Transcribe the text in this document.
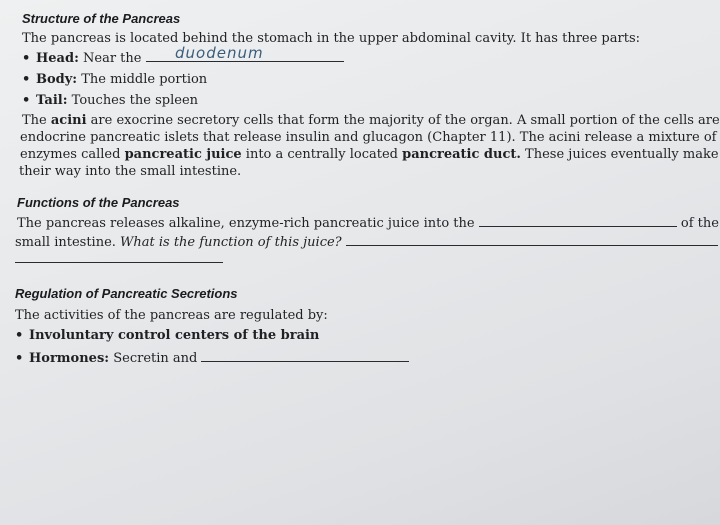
Structure of the Pancreas
The pancreas is located behind the stomach in the upper abdominal cavity. It has three parts:
• Head: Near the	duodenum
• Body: The middle portion
• Tail: Touches the spleen
The acini are exocrine secretory cells that form the majority of the organ. A small portion of the cells are
endocrine pancreatic islets that release insulin and glucagon (Chapter 11). The acini release a mixture of
enzymes called pancreatic juice into a centrally located pancreatic duct. These juices eventually make
their way into the small intestine.
Functions of the Pancreas
The pancreas releases alkaline, enzyme-rich pancreatic juice into the	of the
small intestine. What is the function of this juice?
Regulation of Pancreatic Secretions
The activities of the pancreas are regulated by:
• Involuntary control centers of the brain
• Hormones: Secretin and
